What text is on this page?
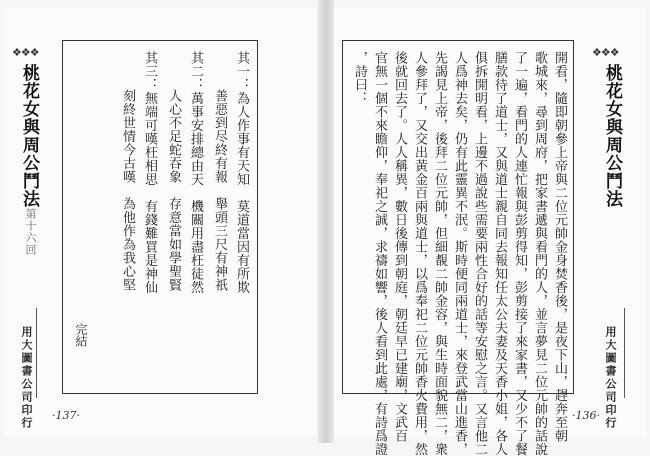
❖❖❖
桃花女與周公鬥法
第十六回	其一：為人作事有天知　莫道當因有所欺
善惡到尽終有報　舉頭三尺有神祇
其二：萬事安排總由天　機關用盡枉徒然
人心不足蛇吞象　存意當如學聖賢
其三：無端可嘆枉相思　有錢難買是神仙
刻終世情今古嘆　為他作為我心堅
完結
用大圖書公司印行 ·137·	開看，隨即朝參上帝與二位元帥金身焚香後，是夜下山，趕奔至朝
歌城來，尋到周府，把家書遞與看門的人，並言夢見二位元帥的話說
了一遍，看門的人連忙報與彭剪得知，彭剪接了來家書，又少不了餐
膳款待了道士，又與道士親自同去報知任太公夫妻及天香小姐，各人
俱拆開明看，上邊不過說些需要兩性合好的話等安慰之言。又言他二
人爲神去矣，仍有此靈異不泯。斯時便同兩道士，來登武當山進香，
先謁見上帝，後拜二位元帥，但細覩二帥金容，與生時面貌無二，衆
人參拜了，又交出黃金百兩與道士，以爲奉祀二位元帥香火費用，然
後就回去了。人人稱異，數日後傳到朝庭，朝廷早已建廟，文武百
官無一個不來瞻仰，奉祀之誠，求禱如響，後人看到此處，有詩爲證
，詩曰：	❖❖❖
桃花女與周公鬥法
用大圖書公司印行
·136·
